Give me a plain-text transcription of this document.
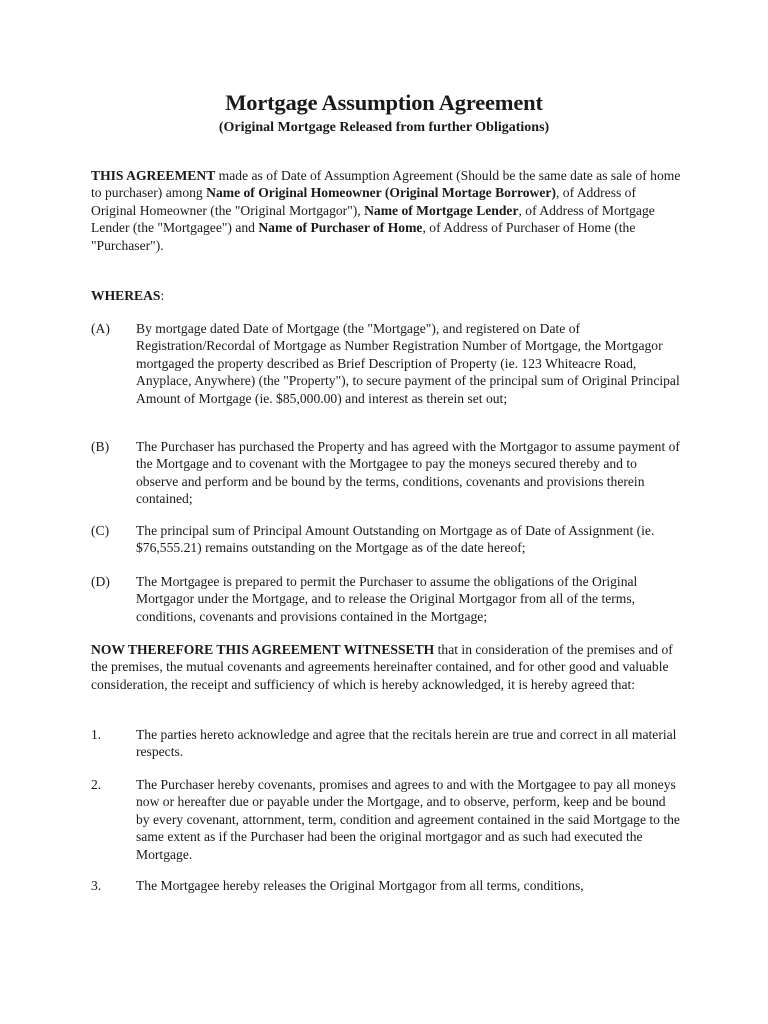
Mortgage Assumption Agreement
(Original Mortgage Released from further Obligations)
THIS AGREEMENT made as of Date of Assumption Agreement (Should be the same date as sale of home to purchaser) among Name of Original Homeowner (Original Mortage Borrower), of Address of Original Homeowner (the "Original Mortgagor"), Name of Mortgage Lender, of Address of Mortgage Lender (the "Mortgagee") and Name of Purchaser of Home, of Address of Purchaser of Home (the "Purchaser").
WHEREAS:
(A) By mortgage dated Date of Mortgage (the "Mortgage"), and registered on Date of Registration/Recordal of Mortgage as Number Registration Number of Mortgage, the Mortgagor mortgaged the property described as Brief Description of Property (ie. 123 Whiteacre Road, Anyplace, Anywhere) (the "Property"), to secure payment of the principal sum of Original Principal Amount of Mortgage (ie. $85,000.00) and interest as therein set out;
(B) The Purchaser has purchased the Property and has agreed with the Mortgagor to assume payment of the Mortgage and to covenant with the Mortgagee to pay the moneys secured thereby and to observe and perform and be bound by the terms, conditions, covenants and provisions therein contained;
(C) The principal sum of Principal Amount Outstanding on Mortgage as of Date of Assignment (ie. $76,555.21) remains outstanding on the Mortgage as of the date hereof;
(D) The Mortgagee is prepared to permit the Purchaser to assume the obligations of the Original Mortgagor under the Mortgage, and to release the Original Mortgagor from all of the terms, conditions, covenants and provisions contained in the Mortgage;
NOW THEREFORE THIS AGREEMENT WITNESSETH that in consideration of the premises and of the premises, the mutual covenants and agreements hereinafter contained, and for other good and valuable consideration, the receipt and sufficiency of which is hereby acknowledged, it is hereby agreed that:
1.	The parties hereto acknowledge and agree that the recitals herein are true and correct in all material respects.
2.	The Purchaser hereby covenants, promises and agrees to and with the Mortgagee to pay all moneys now or hereafter due or payable under the Mortgage, and to observe, perform, keep and be bound by every covenant, attornment, term, condition and agreement contained in the said Mortgage to the same extent as if the Purchaser had been the original mortgagor and as such had executed the Mortgage.
3.	The Mortgagee hereby releases the Original Mortgagor from all terms, conditions,
